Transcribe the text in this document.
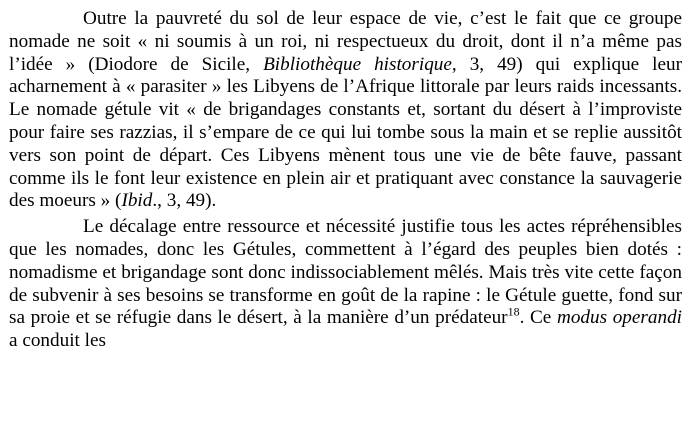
Outre la pauvreté du sol de leur espace de vie, c’est le fait que ce groupe nomade ne soit « ni soumis à un roi, ni respectueux du droit, dont il n’a même pas l’idée » (Diodore de Sicile, Bibliothèque historique, 3, 49) qui explique leur acharnement à « parasiter » les Libyens de l’Afrique littorale par leurs raids incessants. Le nomade gétule vit « de brigandages constants et, sortant du désert à l’improviste pour faire ses razzias, il s’empare de ce qui lui tombe sous la main et se replie aussitôt vers son point de départ. Ces Libyens mènent tous une vie de bête fauve, passant comme ils le font leur existence en plein air et pratiquant avec constance la sauvagerie des moeurs » (Ibid., 3, 49).

Le décalage entre ressource et nécessité justifie tous les actes répréhensibles que les nomades, donc les Gétules, commettent à l’égard des peuples bien dotés : nomadisme et brigandage sont donc indissociablement mêlés. Mais très vite cette façon de subvenir à ses besoins se transforme en goût de la rapine : le Gétule guette, fond sur sa proie et se réfugie dans le désert, à la manière d’un prédateur$^{18}$. Ce modus operandi a conduit les
